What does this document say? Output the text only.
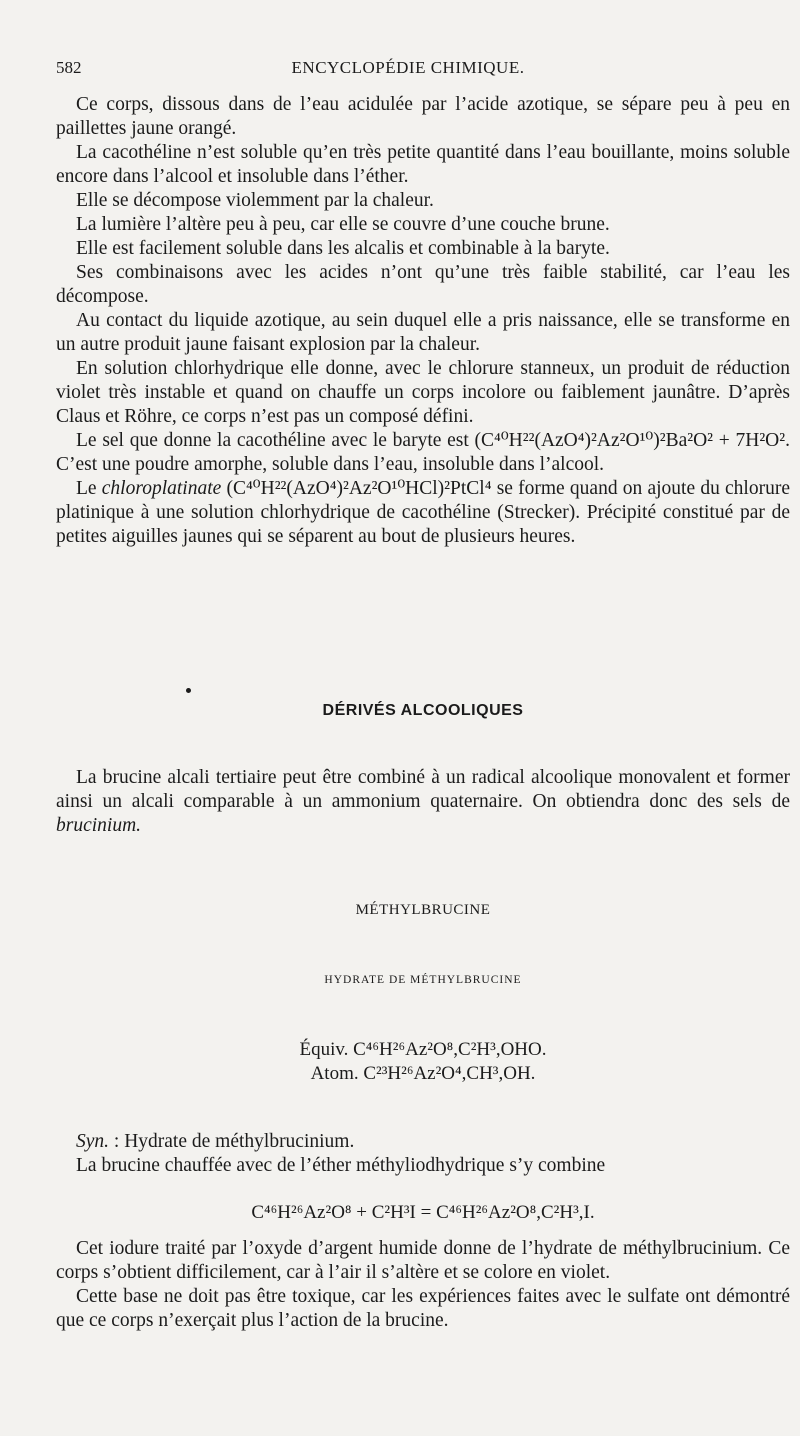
582	ENCYCLOPÉDIE CHIMIQUE.

Ce corps, dissous dans de l’eau acidulée par l’acide azotique, se sépare peu à peu en paillettes jaune orangé.

La cacothéline n’est soluble qu’en très petite quantité dans l’eau bouillante, moins soluble encore dans l’alcool et insoluble dans l’éther.

Elle se décompose violemment par la chaleur.

La lumière l’altère peu à peu, car elle se couvre d’une couche brune.

Elle est facilement soluble dans les alcalis et combinable à la baryte.

Ses combinaisons avec les acides n’ont qu’une très faible stabilité, car l’eau les décompose.

Au contact du liquide azotique, au sein duquel elle a pris naissance, elle se transforme en un autre produit jaune faisant explosion par la chaleur.

En solution chlorhydrique elle donne, avec le chlorure stanneux, un produit de réduction violet très instable et quand on chauffe un corps incolore ou faiblement jaunâtre. D’après Claus et Röhre, ce corps n’est pas un composé défini.

Le sel que donne la cacothéline avec le baryte est (C⁴⁰H²²(AzO⁴)²Az²O¹⁰)²Ba²O² + 7H²O². C’est une poudre amorphe, soluble dans l’eau, insoluble dans l’alcool.

Le chloroplatinate (C⁴⁰H²²(AzO⁴)²Az²O¹⁰HCl)²PtCl⁴ se forme quand on ajoute du chlorure platinique à une solution chlorhydrique de cacothéline (Strecker). Précipité constitué par de petites aiguilles jaunes qui se séparent au bout de plusieurs heures.

DÉRIVÉS ALCOOLIQUES

La brucine alcali tertiaire peut être combiné à un radical alcoolique monovalent et former ainsi un alcali comparable à un ammonium quaternaire. On obtiendra donc des sels de brucinium.

MÉTHYLBRUCINE
HYDRATE DE MÉTHYLBRUCINE
Équiv. C⁴⁶H²⁶Az²O⁸,C²H³,OHO.
Atom. C²³H²⁶Az²O⁴,CH³,OH.

Syn. : Hydrate de méthylbrucinium.

La brucine chauffée avec de l’éther méthyliodhydrique s’y combine

C⁴⁶H²⁶Az²O⁸ + C²H³I = C⁴⁶H²⁶Az²O⁸,C²H³,I.

Cet iodure traité par l’oxyde d’argent humide donne de l’hydrate de méthylbrucinium. Ce corps s’obtient difficilement, car à l’air il s’altère et se colore en violet.

Cette base ne doit pas être toxique, car les expériences faites avec le sulfate ont démontré que ce corps n’exerçait plus l’action de la brucine.
